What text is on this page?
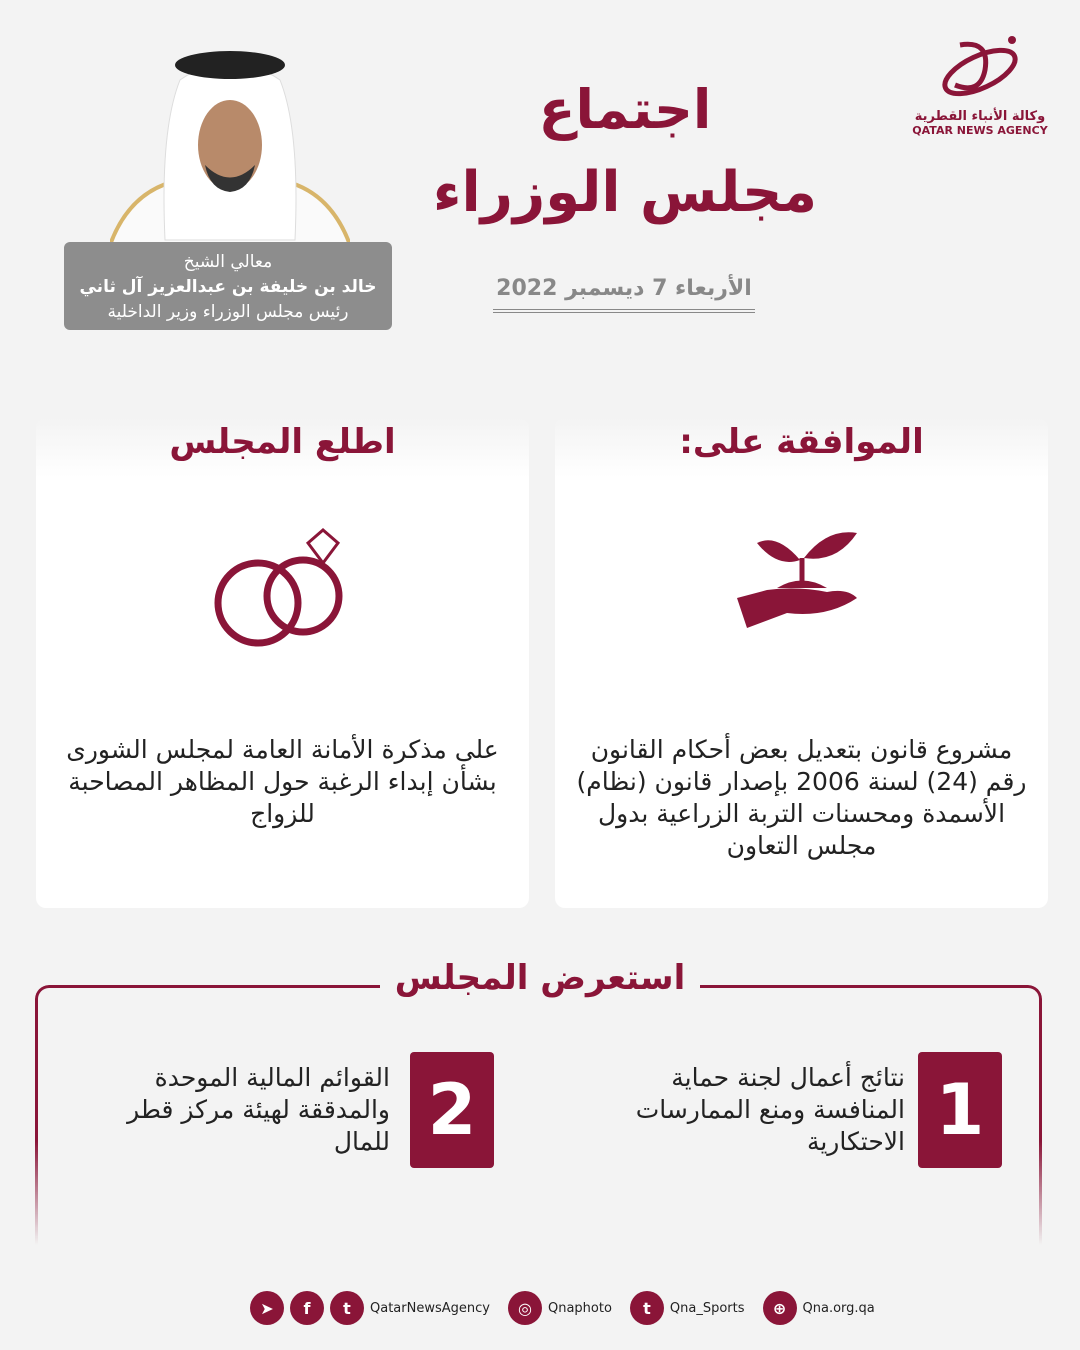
وكالة الأنباء القطرية
QATAR NEWS AGENCY
اجتماع
مجلس الوزراء
الأربعاء 7 ديسمبر 2022
معالي الشيخ
خالد بن خليفة بن عبدالعزيز آل ثاني
رئيس مجلس الوزراء وزير الداخلية
الموافقة على:

مشروع قانون بتعديل بعض أحكام القانون رقم (24) لسنة 2006 بإصدار قانون (نظام) الأسمدة ومحسنات التربة الزراعية بدول مجلس التعاون

اطلع المجلس

على مذكرة الأمانة العامة لمجلس الشورى بشأن إبداء الرغبة حول المظاهر المصاحبة للزواج

استعرض المجلس
1
نتائج أعمال لجنة حماية المنافسة ومنع الممارسات الاحتكارية
2
القوائم المالية الموحدة والمدققة لهيئة مركز قطر للمال
➤	f	t	QatarNewsAgency	◎	Qnaphoto	t	Qna_Sports	⊕	Qna.org.qa
